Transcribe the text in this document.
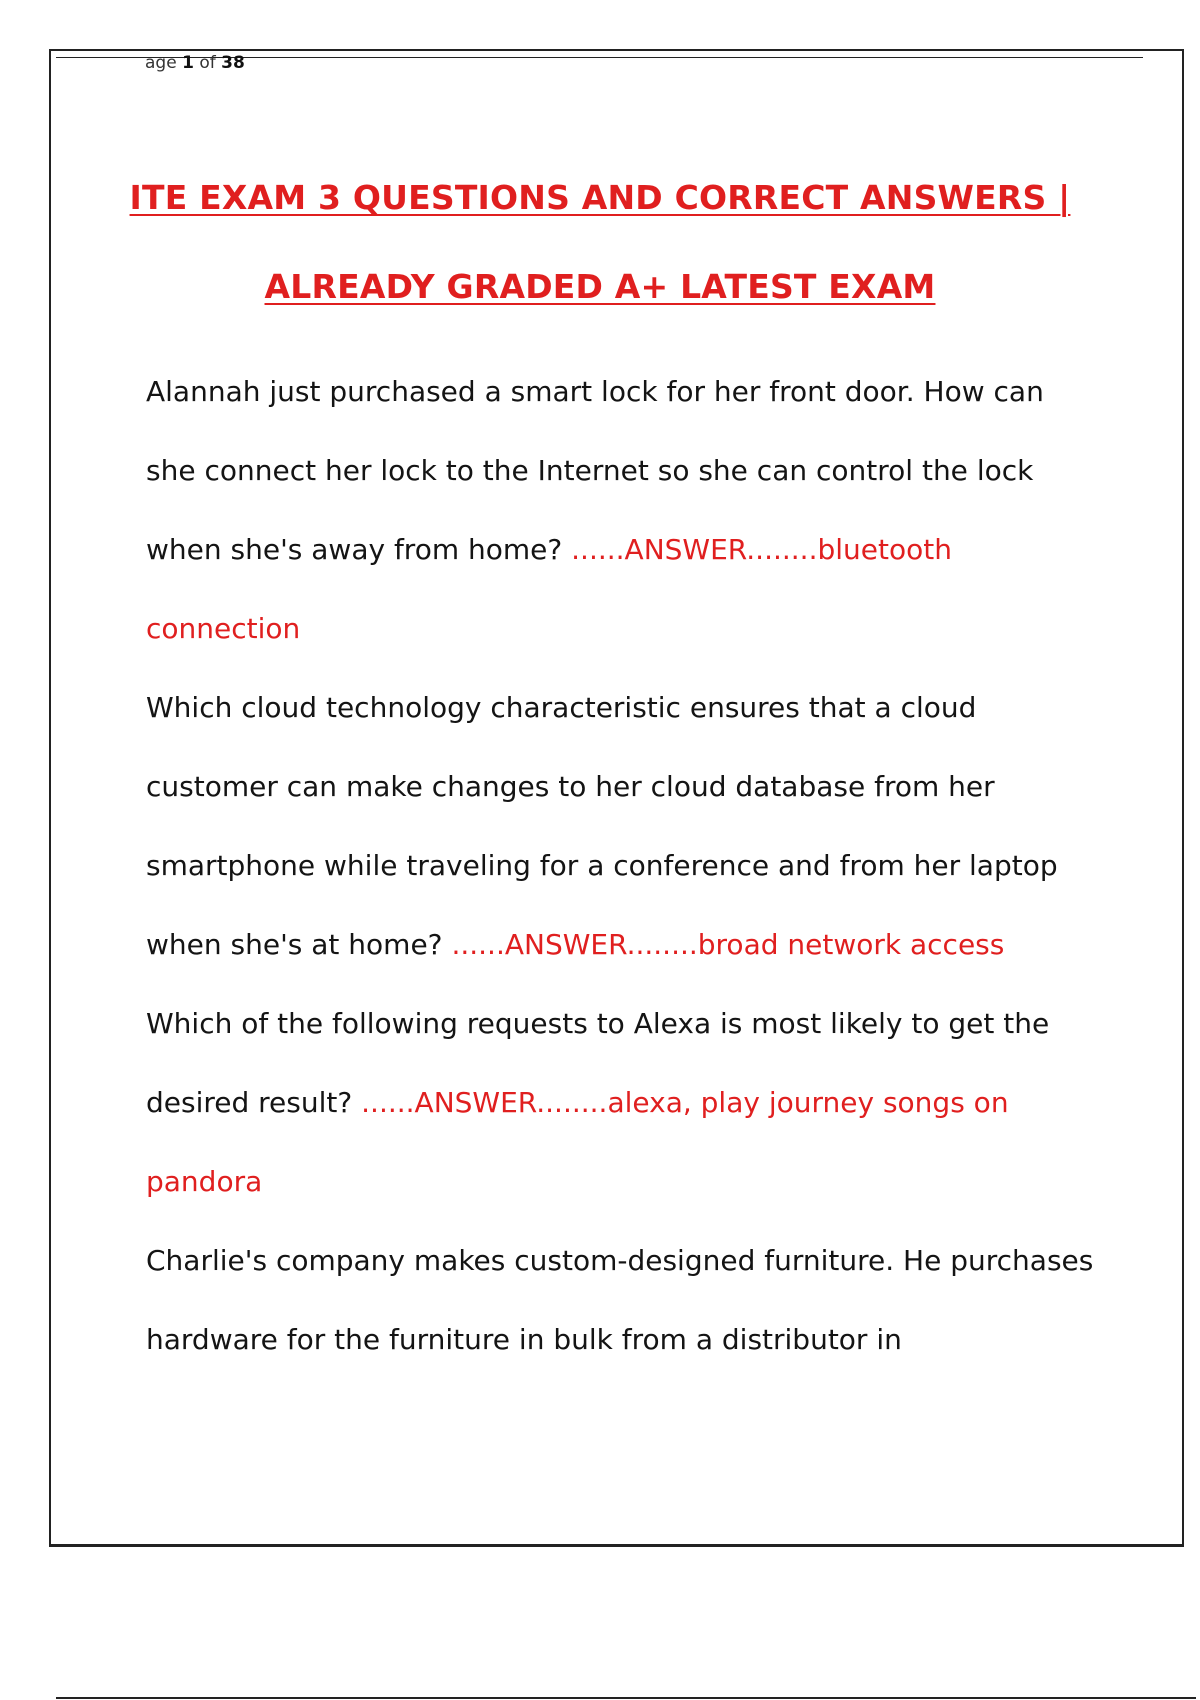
age 1 of 38
ITE EXAM 3 QUESTIONS AND CORRECT ANSWERS |
ALREADY GRADED A+ LATEST EXAM

Alannah just purchased a smart lock for her front door. How can she connect her lock to the Internet so she can control the lock when she's away from home? ......ANSWER........bluetooth connection

Which cloud technology characteristic ensures that a cloud customer can make changes to her cloud database from her smartphone while traveling for a conference and from her laptop when she's at home? ......ANSWER........broad network access

Which of the following requests to Alexa is most likely to get the desired result? ......ANSWER........alexa, play journey songs on pandora

Charlie's company makes custom-designed furniture. He purchases hardware for the furniture in bulk from a distributor in
